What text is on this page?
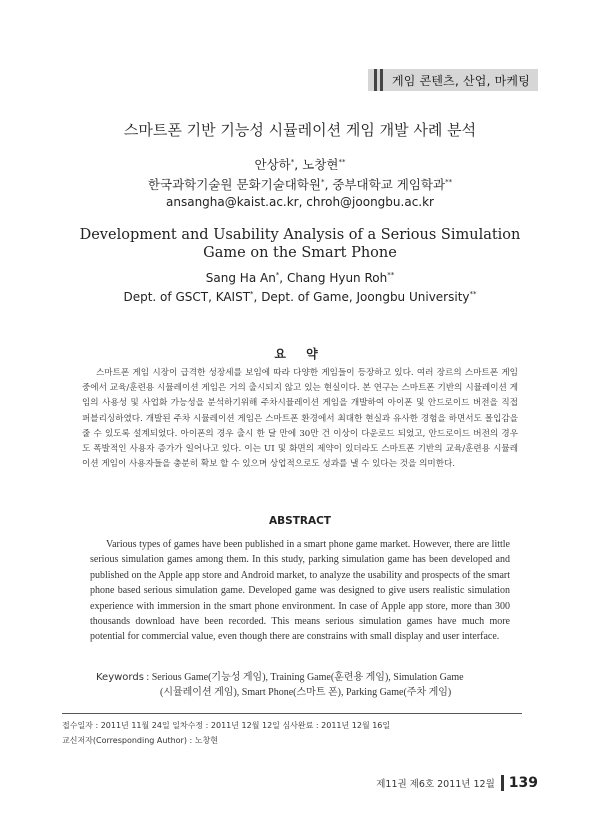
게임 콘텐츠, 산업, 마케팅
스마트폰 기반 기능성 시뮬레이션 게임 개발 사례 분석
안상하*, 노창현**
한국과학기술원 문화기술대학원*, 중부대학교 게임학과**
ansangha@kaist.ac.kr, chroh@joongbu.ac.kr
Development and Usability Analysis of a Serious Simulation Game on the Smart Phone
Sang Ha An*, Chang Hyun Roh**
Dept. of GSCT, KAIST*, Dept. of Game, Joongbu University**
요 약

스마트폰 게임 시장이 급격한 성장세를 보임에 따라 다양한 게임들이 등장하고 있다. 여러 장르의 스마트폰 게임 중에서 교육/훈련용 시뮬레이션 게임은 거의 출시되지 않고 있는 현실이다. 본 연구는 스마트폰 기반의 시뮬레이션 게임의 사용성 및 사업화 가능성을 분석하기위해 주차시뮬레이션 게임을 개발하여 아이폰 및 안드로이드 버전을 직접 퍼블리싱하였다. 개발된 주차 시뮬레이션 게임은 스마트폰 환경에서 최대한 현실과 유사한 경험을 하면서도 몰입감을 줄 수 있도록 설계되었다. 아이폰의 경우 출시 한 달 만에 30만 건 이상이 다운로드 되었고, 안드로이드 버전의 경우도 폭발적인 사용자 증가가 일어나고 있다. 이는 UI 및 화면의 제약이 있더라도 스마트폰 기반의 교육/훈련용 시뮬레이션 게임이 사용자들을 충분히 확보 할 수 있으며 상업적으로도 성과를 낼 수 있다는 것을 의미한다.

ABSTRACT

Various types of games have been published in a smart phone game market. However, there are little serious simulation games among them. In this study, parking simulation game has been developed and published on the Apple app store and Android market, to analyze the usability and prospects of the smart phone based serious simulation game. Developed game was designed to give users realistic simulation experience with immersion in the smart phone environment. In case of Apple app store, more than 300 thousands download have been recorded. This means serious simulation games have much more potential for commercial value, even though there are constrains with small display and user interface.

Keywords : Serious Game(기능성 게임), Training Game(훈련용 게임), Simulation Game
(시뮬레이션 게임), Smart Phone(스마트 폰), Parking Game(주차 게임)
접수일자 : 2011년 11월 24일 일차수정 : 2011년 12월 12일 심사완료 : 2011년 12월 16일
교신저자(Corresponding Author) : 노창현
제11권 제6호 2011년 12월 139
